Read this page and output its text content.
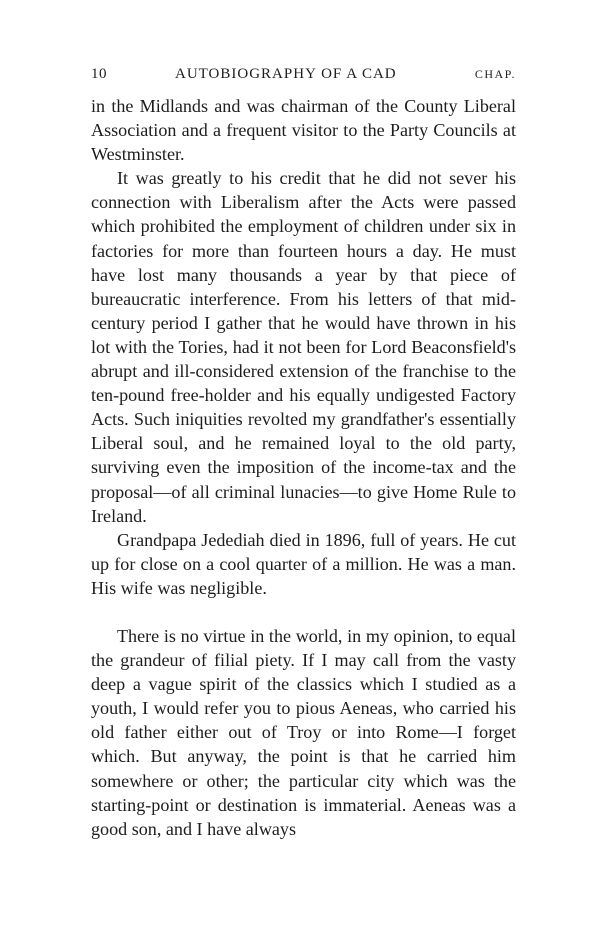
10	AUTOBIOGRAPHY OF A CAD	CHAP.

in the Midlands and was chairman of the County Liberal Association and a frequent visitor to the Party Councils at Westminster.

It was greatly to his credit that he did not sever his connection with Liberalism after the Acts were passed which prohibited the employment of children under six in factories for more than fourteen hours a day. He must have lost many thousands a year by that piece of bureaucratic interference. From his letters of that mid-century period I gather that he would have thrown in his lot with the Tories, had it not been for Lord Beaconsfield's abrupt and ill-considered extension of the franchise to the ten-pound free-holder and his equally undigested Factory Acts. Such iniquities revolted my grandfather's essentially Liberal soul, and he remained loyal to the old party, surviving even the imposition of the income-tax and the proposal—of all criminal lunacies—to give Home Rule to Ireland.

Grandpapa Jedediah died in 1896, full of years. He cut up for close on a cool quarter of a million. He was a man. His wife was negligible.

There is no virtue in the world, in my opinion, to equal the grandeur of filial piety. If I may call from the vasty deep a vague spirit of the classics which I studied as a youth, I would refer you to pious Aeneas, who carried his old father either out of Troy or into Rome—I forget which. But anyway, the point is that he carried him somewhere or other; the particular city which was the starting-point or destination is immaterial. Aeneas was a good son, and I have always
